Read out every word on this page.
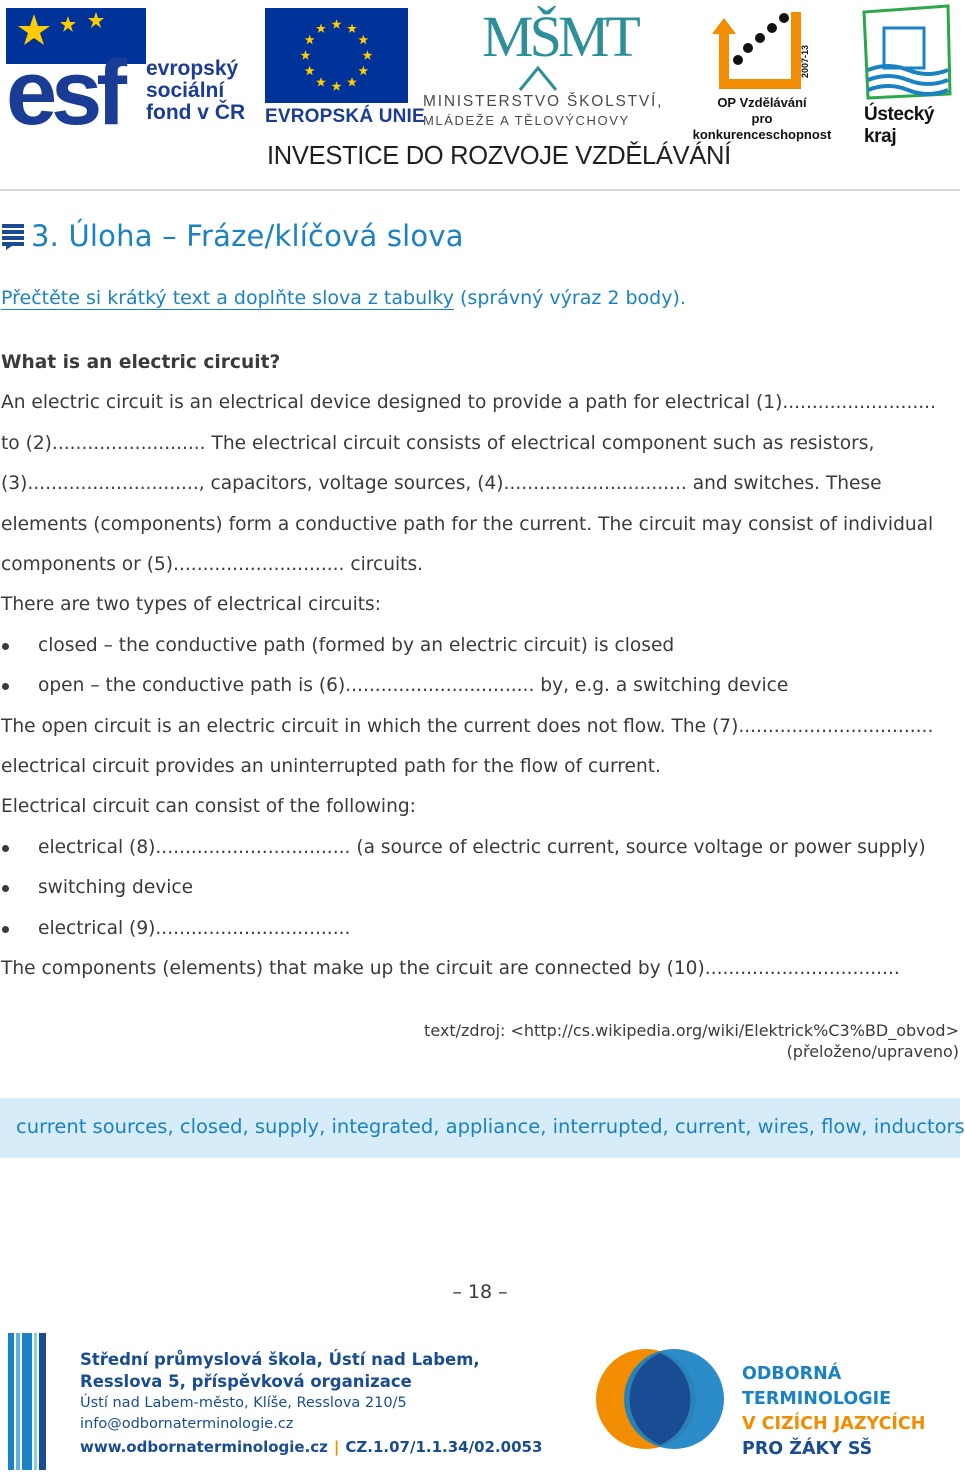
esf	evropský
sociální
fond v ČR EVROPSKÁ UNIE
MŠMT
MINISTERSTVO ŠKOLSTVÍ,
MLÁDEŽE A TĚLOVÝCHOVY
2007-13
OP Vzdělávání
pro konkurenceschopnost
Ústecký kraj
INVESTICE DO ROZVOJE VZDĚLÁVÁNÍ
3. Úloha – Fráze/klíčová slova
Přečtěte si krátký text a doplňte slova z tabulky (správný výraz 2 body).
What is an electric circuit?
An electric circuit is an electrical device designed to provide a path for electrical (1)..........................
to (2).......................... The electrical circuit consists of electrical component such as resistors,
(3)............................., capacitors, voltage sources, (4)............................... and switches. These
elements (components) form a conductive path for the current. The circuit may consist of individual
components or (5)............................. circuits.
There are two types of electrical circuits:
closed – the conductive path (formed by an electric circuit) is closed
open – the conductive path is (6)................................ by, e.g. a switching device
The open circuit is an electric circuit in which the current does not flow. The (7).................................
electrical circuit provides an uninterrupted path for the flow of current.
Electrical circuit can consist of the following:
electrical (8)................................. (a source of electric current, source voltage or power supply)
switching device
electrical (9).................................
The components (elements) that make up the circuit are connected by (10).................................
text/zdroj: <http://cs.wikipedia.org/wiki/Elektrick%C3%BD_obvod>
(přeloženo/upraveno)
current sources, closed, supply, integrated, appliance, interrupted, current, wires, flow, inductors
– 18 –
Střední průmyslová škola, Ústí nad Labem,
Resslova 5, příspěvková organizace
Ústí nad Labem-město, Klíše, Resslova 210/5
info@odbornaterminologie.cz
www.odbornaterminologie.cz | CZ.1.07/1.1.34/02.0053
ODBORNÁ TERMINOLOGIE
V CIZÍCH JAZYCÍCH
PRO ŽÁKY SŠ
